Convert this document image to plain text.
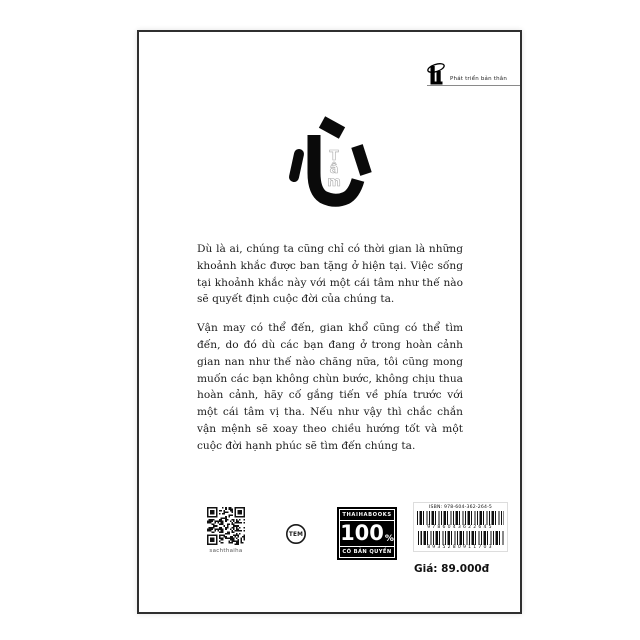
Phát triển bản thân
T
â
m

Dù là ai, chúng ta cũng chỉ có thời gian là những khoảnh khắc được ban tặng ở hiện tại. Việc sống tại khoảnh khắc này với một cái tâm như thế nào sẽ quyết định cuộc đời của chúng ta.

Vận may có thể đến, gian khổ cũng có thể tìm đến, do đó dù các bạn đang ở trong hoàn cảnh gian nan như thế nào chăng nữa, tôi cũng mong muốn các bạn không chùn bước, không chịu thua hoàn cảnh, hãy cố gắng tiến về phía trước với một cái tâm vị tha. Nếu như vậy thì chắc chắn vận mệnh sẽ xoay theo chiều hướng tốt và một cuộc đời hạnh phúc sẽ tìm đến chúng ta.

sachthaiha
TEM
THAIHABOOKS
100 %
CÓ BẢN QUYỀN
ISBN: 978-604-362-264-5
9786043622645
8935280911703
Giá: 89.000đ
